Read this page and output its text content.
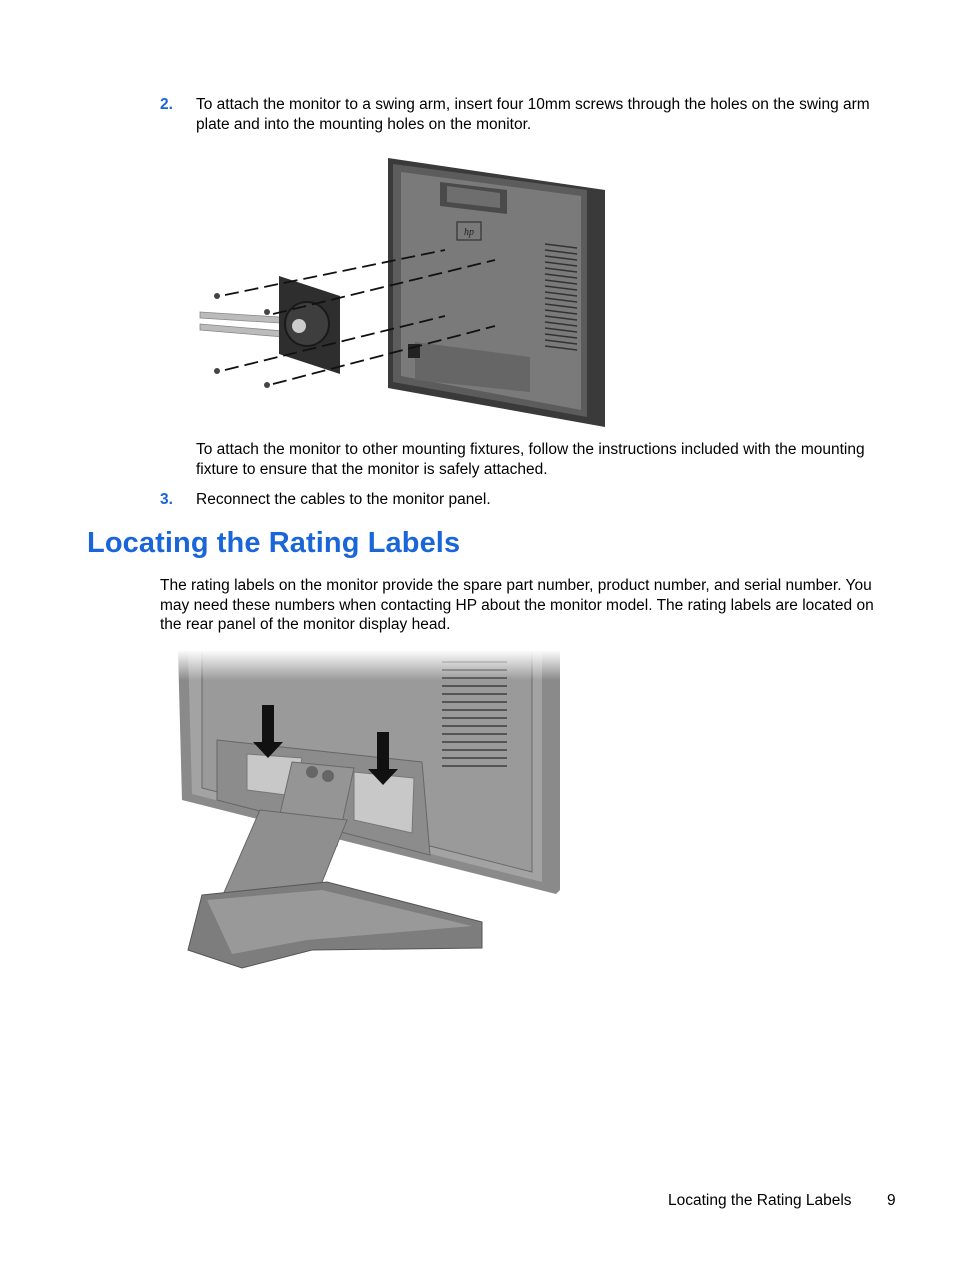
2. To attach the monitor to a swing arm, insert four 10mm screws through the holes on the swing arm plate and into the mounting holes on the monitor.
hp
To attach the monitor to other mounting fixtures, follow the instructions included with the mounting fixture to ensure that the monitor is safely attached.
3. Reconnect the cables to the monitor panel.
Locating the Rating Labels
The rating labels on the monitor provide the spare part number, product number, and serial number. You may need these numbers when contacting HP about the monitor model. The rating labels are located on the rear panel of the monitor display head.
Locating the Rating Labels 9
